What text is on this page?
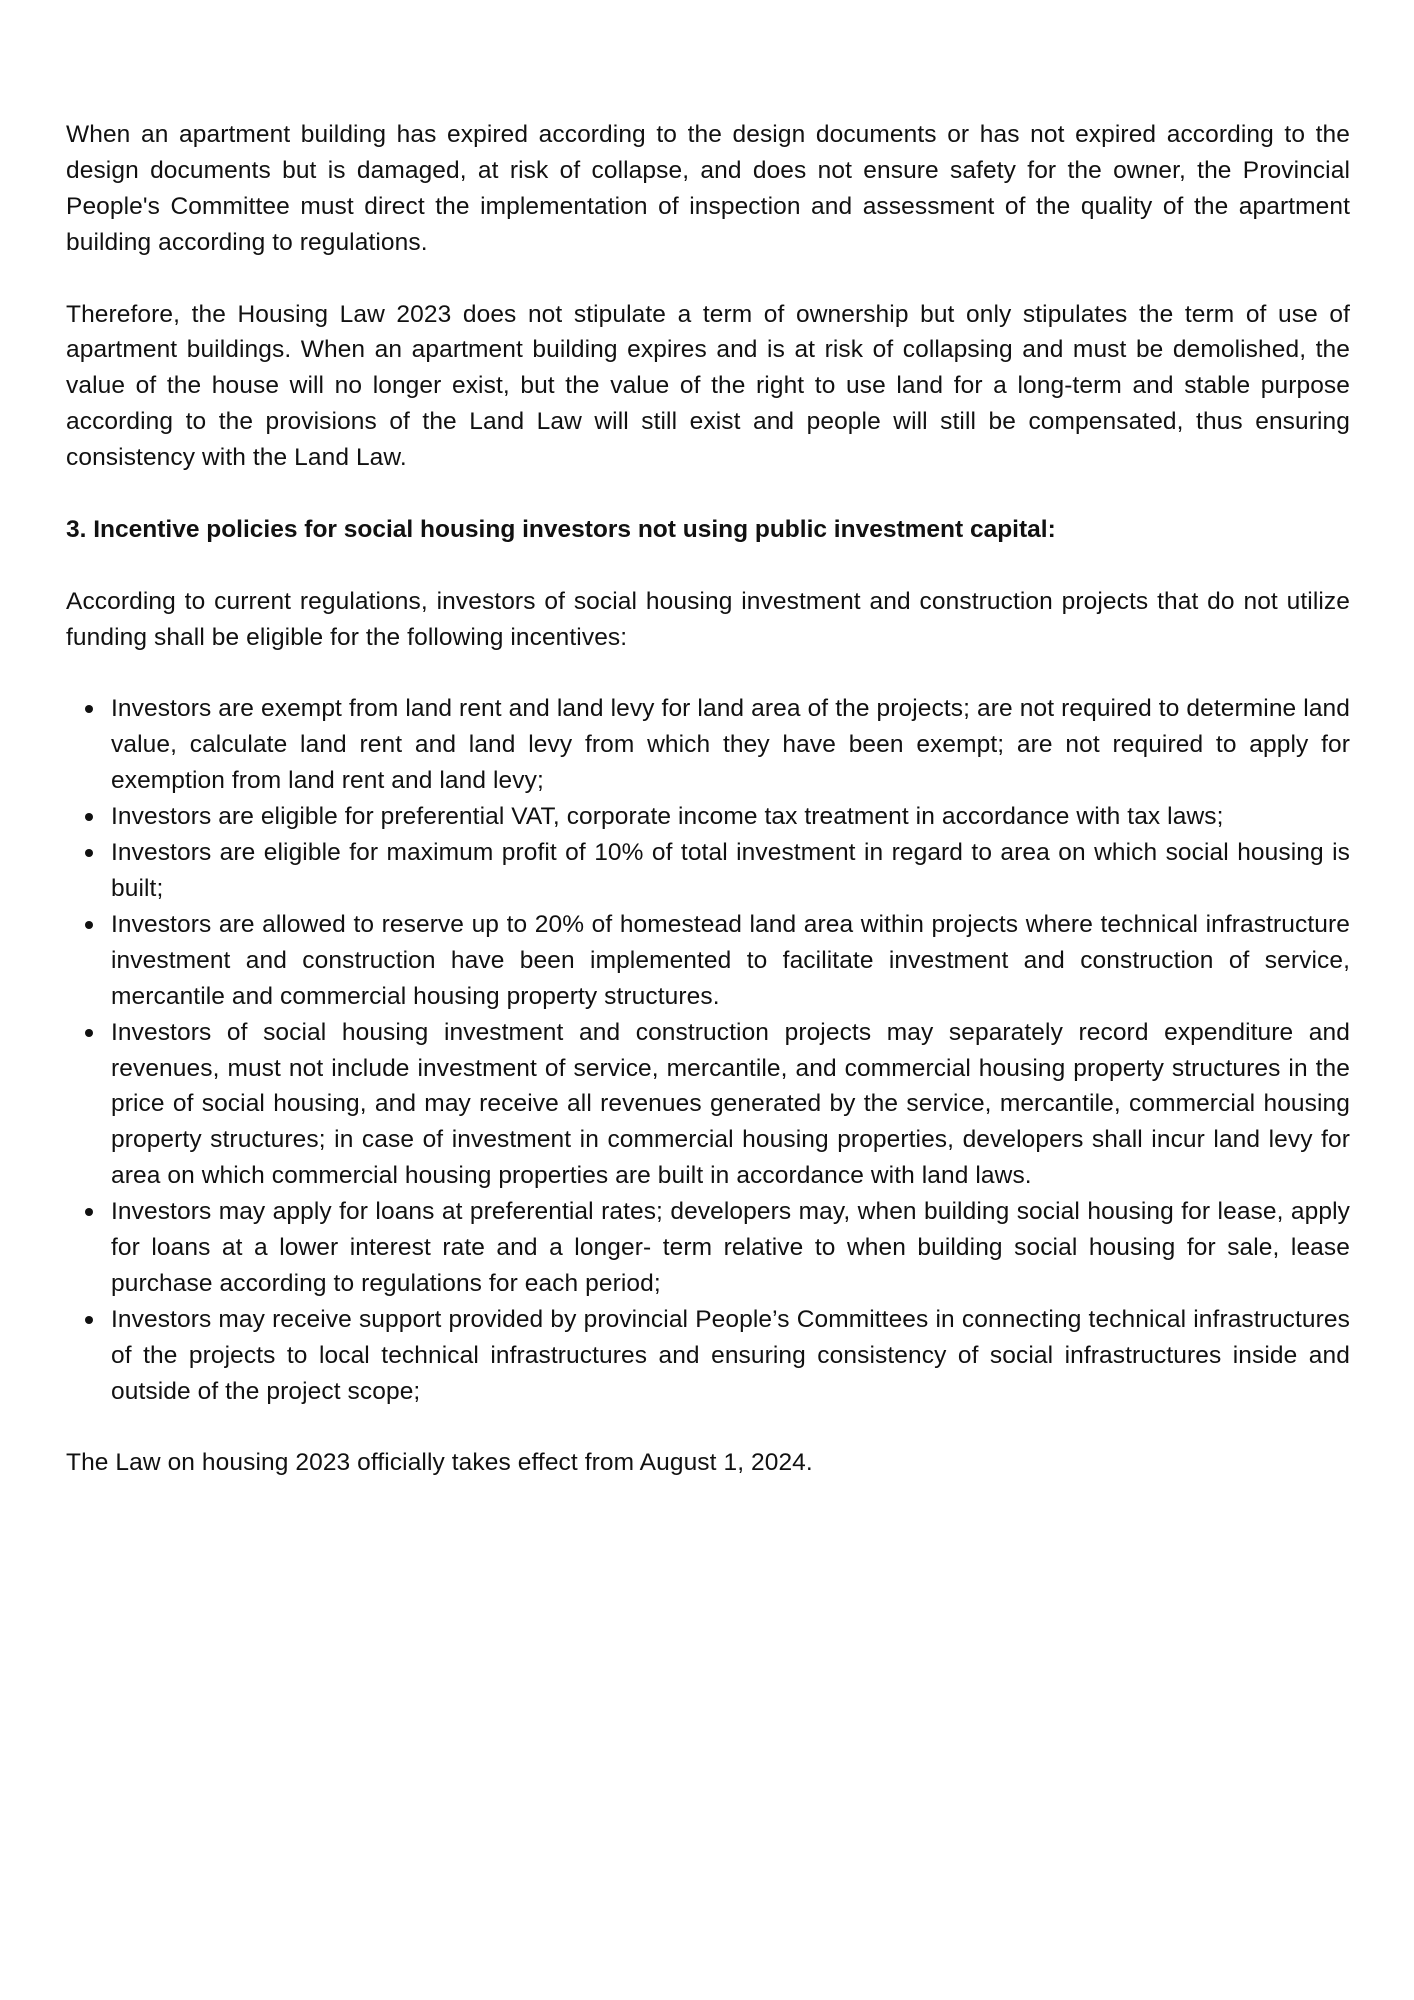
When an apartment building has expired according to the design documents or has not expired according to the design documents but is damaged, at risk of collapse, and does not ensure safety for the owner, the Provincial People's Committee must direct the implementation of inspection and assessment of the quality of the apartment building according to regulations.

Therefore, the Housing Law 2023 does not stipulate a term of ownership but only stipulates the term of use of apartment buildings. When an apartment building expires and is at risk of collapsing and must be demolished, the value of the house will no longer exist, but the value of the right to use land for a long-term and stable purpose according to the provisions of the Land Law will still exist and people will still be compensated, thus ensuring consistency with the Land Law.

3. Incentive policies for social housing investors not using public investment capital:

According to current regulations, investors of social housing investment and construction projects that do not utilize funding shall be eligible for the following incentives:

Investors are exempt from land rent and land levy for land area of the projects; are not required to determine land value, calculate land rent and land levy from which they have been exempt; are not required to apply for exemption from land rent and land levy;
Investors are eligible for preferential VAT, corporate income tax treatment in accordance with tax laws;
Investors are eligible for maximum profit of 10% of total investment in regard to area on which social housing is built;
Investors are allowed to reserve up to 20% of homestead land area within projects where technical infrastructure investment and construction have been implemented to facilitate investment and construction of service, mercantile and commercial housing property structures.
Investors of social housing investment and construction projects may separately record expenditure and revenues, must not include investment of service, mercantile, and commercial housing property structures in the price of social housing, and may receive all revenues generated by the service, mercantile, commercial housing property structures; in case of investment in commercial housing properties, developers shall incur land levy for area on which commercial housing properties are built in accordance with land laws.
Investors may apply for loans at preferential rates; developers may, when building social housing for lease, apply for loans at a lower interest rate and a longer- term relative to when building social housing for sale, lease purchase according to regulations for each period;
Investors may receive support provided by provincial People’s Committees in connecting technical infrastructures of the projects to local technical infrastructures and ensuring consistency of social infrastructures inside and outside of the project scope;

The Law on housing 2023 officially takes effect from August 1, 2024.
